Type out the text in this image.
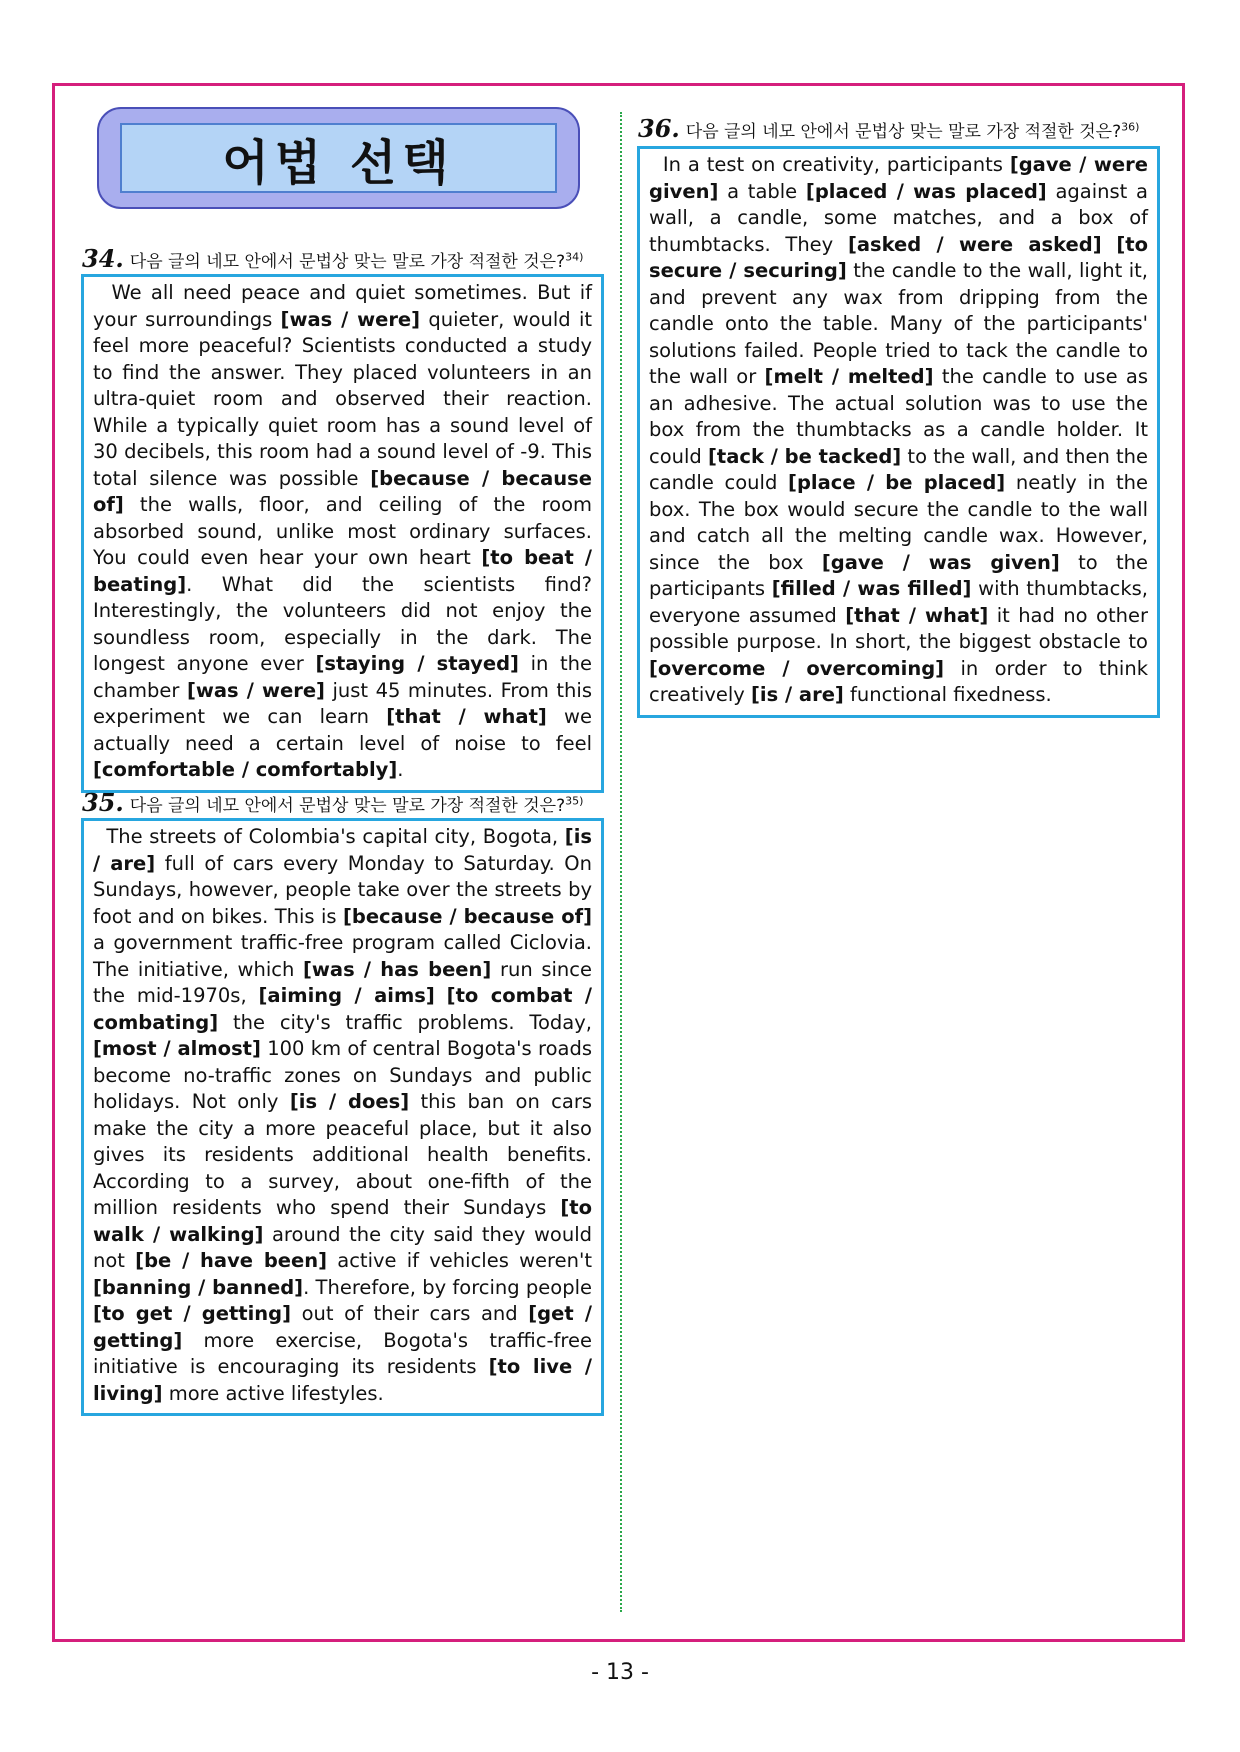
어법 선택
34. 다음 글의 네모 안에서 문법상 맞는 말로 가장 적절한 것은?$^{34)}$
We all need peace and quiet sometimes. But if your surroundings [was / were] quieter, would it feel more peaceful? Scientists conducted a study to find the answer. They placed volunteers in an ultra-quiet room and observed their reaction. While a typically quiet room has a sound level of 30 decibels, this room had a sound level of -9. This total silence was possible [because / because of] the walls, floor, and ceiling of the room absorbed sound, unlike most ordinary surfaces. You could even hear your own heart [to beat / beating]. What did the scientists find? Interestingly, the volunteers did not enjoy the soundless room, especially in the dark. The longest anyone ever [staying / stayed] in the chamber [was / were] just 45 minutes. From this experiment we can learn [that / what] we actually need a certain level of noise to feel [comfortable / comfortably].
35. 다음 글의 네모 안에서 문법상 맞는 말로 가장 적절한 것은?$^{35)}$
The streets of Colombia's capital city, Bogota, [is / are] full of cars every Monday to Saturday. On Sundays, however, people take over the streets by foot and on bikes. This is [because / because of] a government traffic-free program called Ciclovia. The initiative, which [was / has been] run since the mid-1970s, [aiming / aims] [to combat / combating] the city's traffic problems. Today, [most / almost] 100 km of central Bogota's roads become no-traffic zones on Sundays and public holidays. Not only [is / does] this ban on cars make the city a more peaceful place, but it also gives its residents additional health benefits. According to a survey, about one-fifth of the million residents who spend their Sundays [to walk / walking] around the city said they would not [be / have been] active if vehicles weren't [banning / banned]. Therefore, by forcing people [to get / getting] out of their cars and [get / getting] more exercise, Bogota's traffic-free initiative is encouraging its residents [to live / living] more active lifestyles.
36. 다음 글의 네모 안에서 문법상 맞는 말로 가장 적절한 것은?$^{36)}$
In a test on creativity, participants [gave / were given] a table [placed / was placed] against a wall, a candle, some matches, and a box of thumbtacks. They [asked / were asked] [to secure / securing] the candle to the wall, light it, and prevent any wax from dripping from the candle onto the table. Many of the participants' solutions failed. People tried to tack the candle to the wall or [melt / melted] the candle to use as an adhesive. The actual solution was to use the box from the thumbtacks as a candle holder. It could [tack / be tacked] to the wall, and then the candle could [place / be placed] neatly in the box. The box would secure the candle to the wall and catch all the melting candle wax. However, since the box [gave / was given] to the participants [filled / was filled] with thumbtacks, everyone assumed [that / what] it had no other possible purpose. In short, the biggest obstacle to [overcome / overcoming] in order to think creatively [is / are] functional fixedness.
- 13 -
